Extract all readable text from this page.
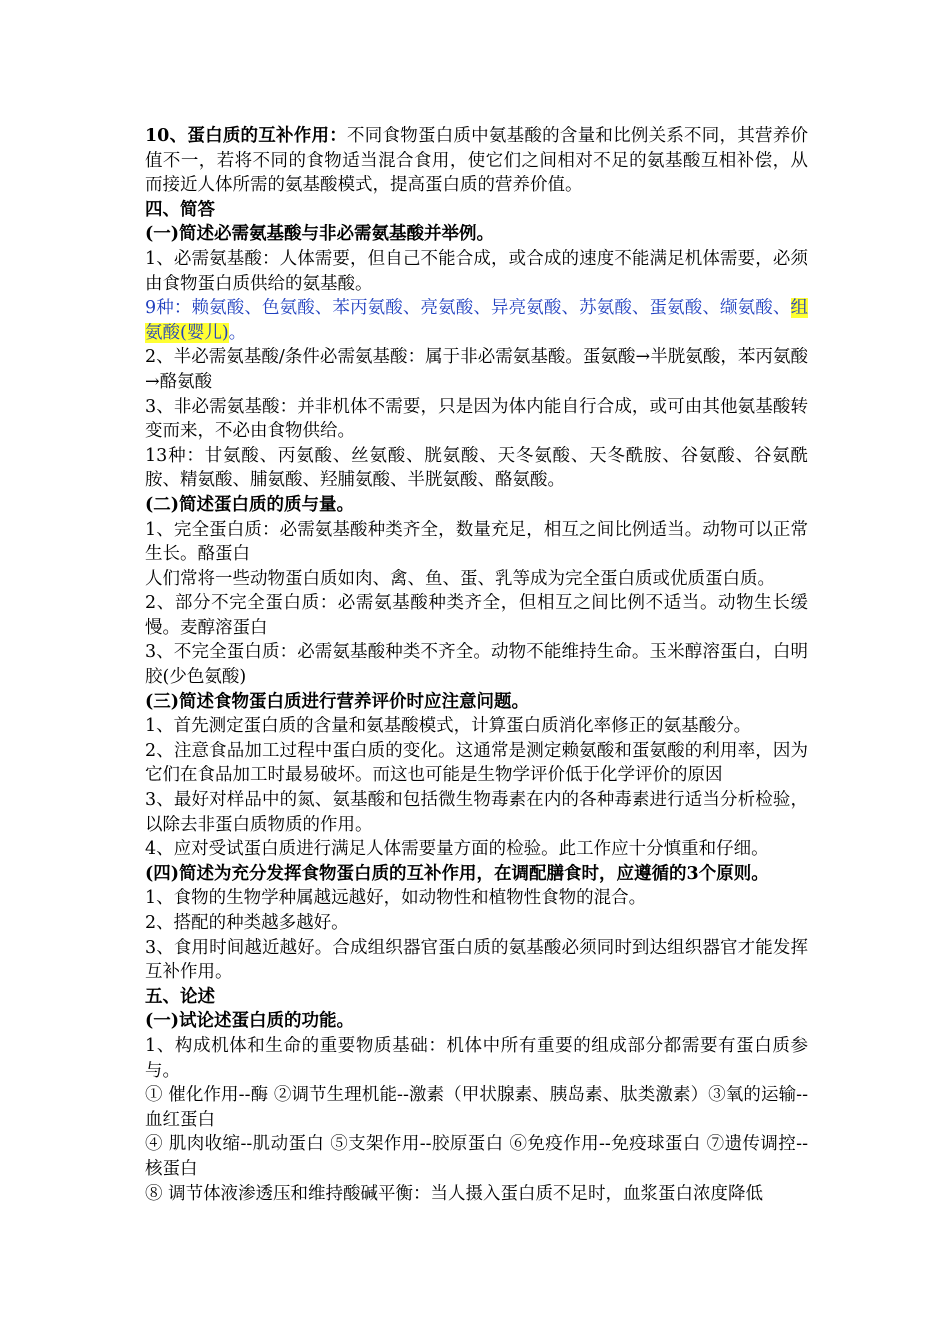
10、蛋白质的互补作用：不同食物蛋白质中氨基酸的含量和比例关系不同，其营养价值不一，若将不同的食物适当混合食用，使它们之间相对不足的氨基酸互相补偿，从而接近人体所需的氨基酸模式，提高蛋白质的营养价值。

四、简答

(一)简述必需氨基酸与非必需氨基酸并举例。

1、必需氨基酸：人体需要，但自己不能合成，或合成的速度不能满足机体需要，必须由食物蛋白质供给的氨基酸。

9种：赖氨酸、色氨酸、苯丙氨酸、亮氨酸、异亮氨酸、苏氨酸、蛋氨酸、缬氨酸、组氨酸(婴儿)。

2、半必需氨基酸/条件必需氨基酸：属于非必需氨基酸。蛋氨酸→半胱氨酸，苯丙氨酸→酪氨酸

3、非必需氨基酸：并非机体不需要，只是因为体内能自行合成，或可由其他氨基酸转变而来，不必由食物供给。

13种：甘氨酸、丙氨酸、丝氨酸、胱氨酸、天冬氨酸、天冬酰胺、谷氨酸、谷氨酰胺、精氨酸、脯氨酸、羟脯氨酸、半胱氨酸、酪氨酸。

(二)简述蛋白质的质与量。

1、完全蛋白质：必需氨基酸种类齐全，数量充足，相互之间比例适当。动物可以正常生长。酪蛋白

人们常将一些动物蛋白质如肉、禽、鱼、蛋、乳等成为完全蛋白质或优质蛋白质。

2、部分不完全蛋白质：必需氨基酸种类齐全，但相互之间比例不适当。动物生长缓慢。麦醇溶蛋白

3、不完全蛋白质：必需氨基酸种类不齐全。动物不能维持生命。玉米醇溶蛋白，白明胶(少色氨酸)

(三)简述食物蛋白质进行营养评价时应注意问题。

1、首先测定蛋白质的含量和氨基酸模式，计算蛋白质消化率修正的氨基酸分。

2、注意食品加工过程中蛋白质的变化。这通常是测定赖氨酸和蛋氨酸的利用率，因为它们在食品加工时最易破坏。而这也可能是生物学评价低于化学评价的原因

3、最好对样品中的氮、氨基酸和包括微生物毒素在内的各种毒素进行适当分析检验，以除去非蛋白质物质的作用。

4、应对受试蛋白质进行满足人体需要量方面的检验。此工作应十分慎重和仔细。

(四)简述为充分发挥食物蛋白质的互补作用，在调配膳食时，应遵循的3个原则。

1、食物的生物学种属越远越好，如动物性和植物性食物的混合。

2、搭配的种类越多越好。

3、食用时间越近越好。合成组织器官蛋白质的氨基酸必须同时到达组织器官才能发挥互补作用。

五、论述

(一)试论述蛋白质的功能。

1、构成机体和生命的重要物质基础：机体中所有重要的组成部分都需要有蛋白质参与。

① 催化作用--酶 ②调节生理机能--激素（甲状腺素、胰岛素、肽类激素）③氧的运输--血红蛋白

④ 肌肉收缩--肌动蛋白 ⑤支架作用--胶原蛋白 ⑥免疫作用--免疫球蛋白 ⑦遗传调控--核蛋白

⑧ 调节体液渗透压和维持酸碱平衡：当人摄入蛋白质不足时，血浆蛋白浓度降低
